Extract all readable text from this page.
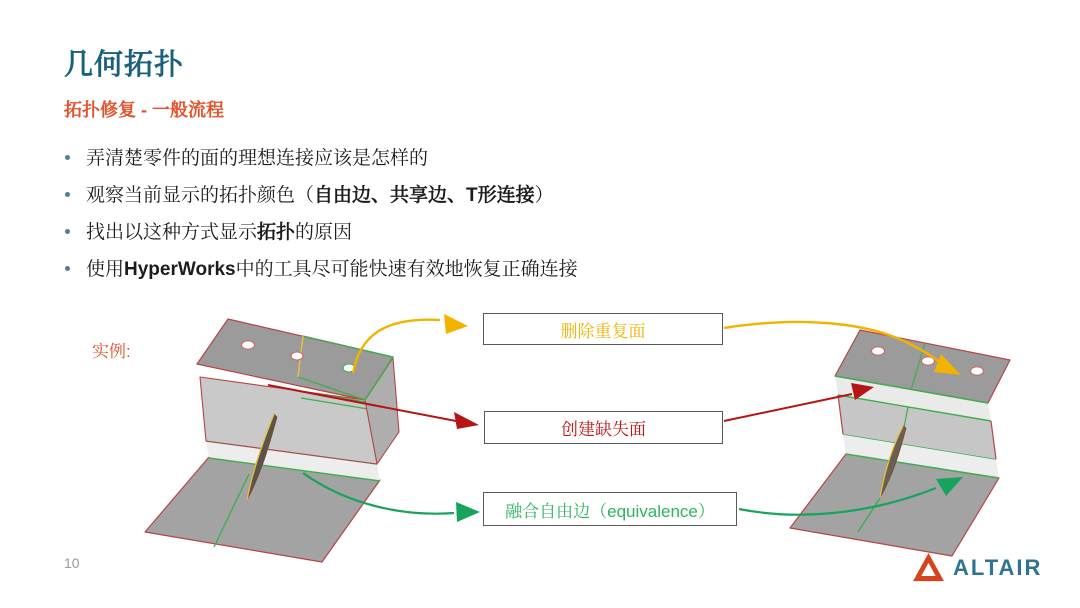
几何拓扑
拓扑修复 - 一般流程
弄清楚零件的面的理想连接应该是怎样的
观察当前显示的拓扑颜色（自由边、共享边、T形连接）
找出以这种方式显示拓扑的原因
使用HyperWorks中的工具尽可能快速有效地恢复正确连接
实例:
删除重复面
创建缺失面
融合自由边（equivalence）
10	ALTAIR
